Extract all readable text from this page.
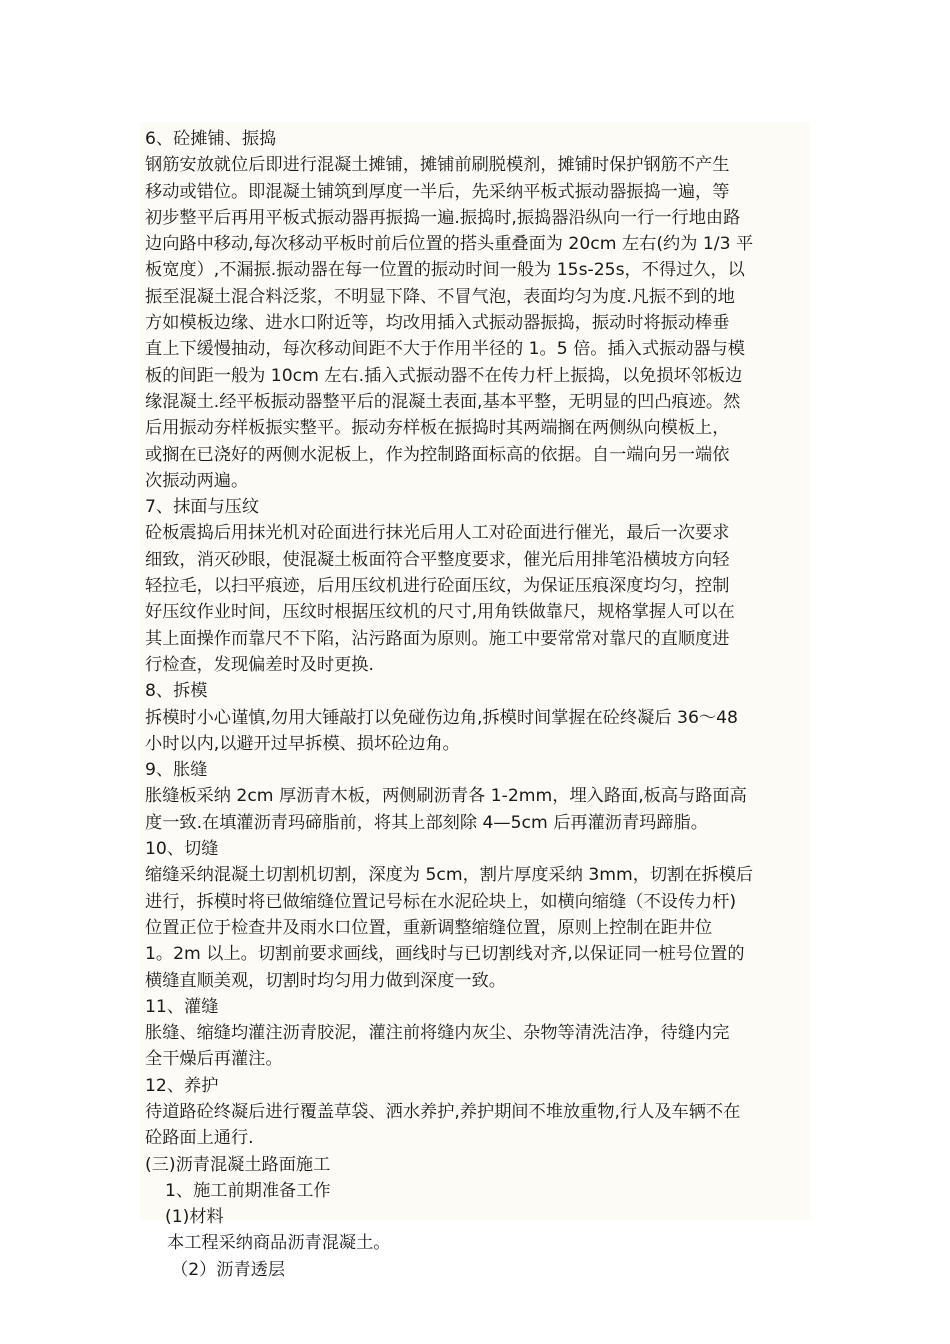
6、砼摊铺、振捣
钢筋安放就位后即进行混凝土摊铺，摊铺前刷脱模剂，摊铺时保护钢筋不产生
移动或错位。即混凝土铺筑到厚度一半后，先采纳平板式振动器振捣一遍，等
初步整平后再用平板式振动器再振捣一遍.振捣时,振捣器沿纵向一行一行地由路
边向路中移动,每次移动平板时前后位置的搭头重叠面为 20cm 左右(约为 1/3 平
板宽度）,不漏振.振动器在每一位置的振动时间一般为 15s-25s，不得过久，以
振至混凝土混合料泛浆，不明显下降、不冒气泡，表面均匀为度.凡振不到的地
方如模板边缘、进水口附近等，均改用插入式振动器振捣，振动时将振动棒垂
直上下缓慢抽动，每次移动间距不大于作用半径的 1。5 倍。插入式振动器与模
板的间距一般为 10cm 左右.插入式振动器不在传力杆上振捣，以免损坏邻板边
缘混凝土.经平板振动器整平后的混凝土表面,基本平整，无明显的凹凸痕迹。然
后用振动夯样板振实整平。振动夯样板在振捣时其两端搁在两侧纵向模板上，
或搁在已浇好的两侧水泥板上，作为控制路面标高的依据。自一端向另一端依
次振动两遍。
7、抹面与压纹
砼板震捣后用抹光机对砼面进行抹光后用人工对砼面进行催光，最后一次要求
细致，消灭砂眼，使混凝土板面符合平整度要求，催光后用排笔沿横坡方向轻
轻拉毛，以扫平痕迹，后用压纹机进行砼面压纹，为保证压痕深度均匀，控制
好压纹作业时间，压纹时根据压纹机的尺寸,用角铁做靠尺，规格掌握人可以在
其上面操作而靠尺不下陷，沾污路面为原则。施工中要常常对靠尺的直顺度进
行检查，发现偏差时及时更换.
8、拆模
拆模时小心谨慎,勿用大锤敲打以免碰伤边角,拆模时间掌握在砼终凝后 36～48
小时以内,以避开过早拆模、损坏砼边角。
9、胀缝
胀缝板采纳 2cm 厚沥青木板，两侧刷沥青各 1-2mm，埋入路面,板高与路面高
度一致.在填灌沥青玛碲脂前，将其上部刻除 4—5cm 后再灌沥青玛蹄脂。
10、切缝
缩缝采纳混凝土切割机切割，深度为 5cm，割片厚度采纳 3mm，切割在拆模后
进行，拆模时将已做缩缝位置记号标在水泥砼块上，如横向缩缝（不设传力杆)
位置正位于检查井及雨水口位置，重新调整缩缝位置，原则上控制在距井位
1。2m 以上。切割前要求画线，画线时与已切割线对齐,以保证同一桩号位置的
横缝直顺美观，切割时均匀用力做到深度一致。
11、灌缝
胀缝、缩缝均灌注沥青胶泥，灌注前将缝内灰尘、杂物等清洗洁净，待缝内完
全干燥后再灌注。
12、养护
待道路砼终凝后进行覆盖草袋、洒水养护,养护期间不堆放重物,行人及车辆不在
砼路面上通行.
(三)沥青混凝土路面施工
1、施工前期准备工作
(1)材料
本工程采纳商品沥青混凝土。
（2）沥青透层
